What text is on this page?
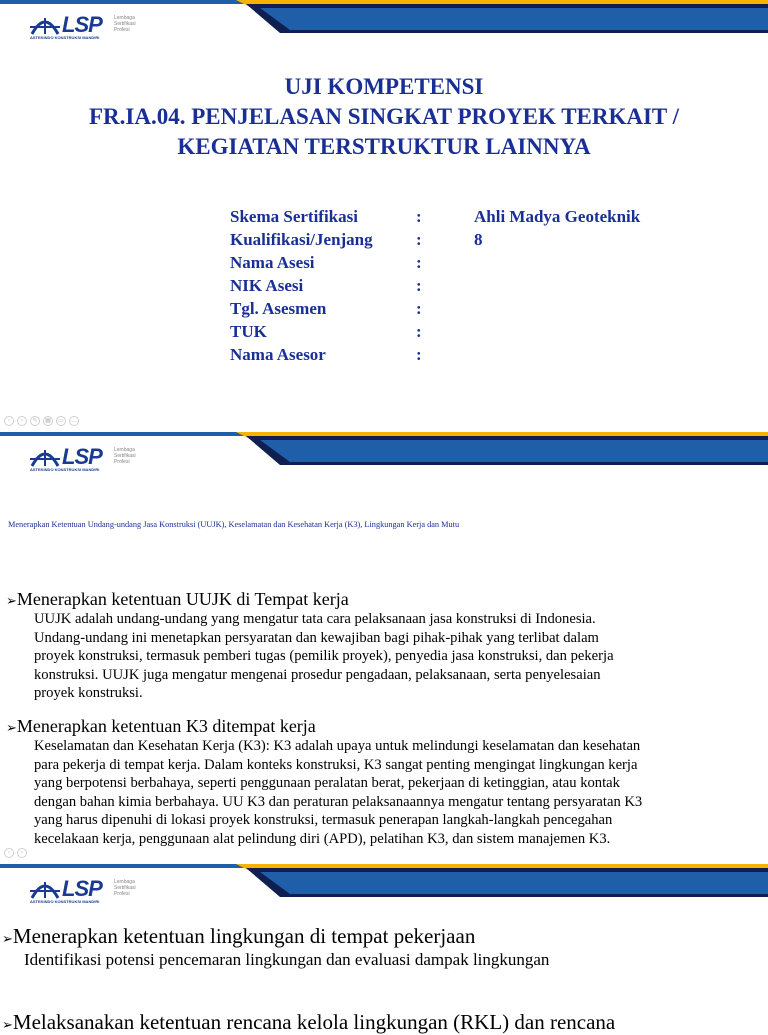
LSP Lembaga
Sertifikasi
Profesi
ASTEKINDO KONSTRUKSI MANDIRI
UJI KOMPETENSI
FR.IA.04. PENJELASAN SINGKAT PROYEK TERKAIT /
KEGIATAN TERSTRUKTUR LAINNYA
Skema Sertifikasi	:	Ahli Madya Geoteknik
Kualifikasi/Jenjang	:	8
Nama Asesi	:
NIK Asesi	:
Tgl. Asesmen	:
TUK	:
Nama Asesor	:
‹	›	✎	▦	▭	…
LSP Lembaga
Sertifikasi
Profesi
ASTEKINDO KONSTRUKSI MANDIRI
Menerapkan Ketentuan Undang-undang Jasa Konstruksi (UUJK), Keselamatan dan Kesehatan Kerja (K3), Lingkungan Kerja dan Mutu
➢Menerapkan ketentuan UUJK di Tempat kerja
UUJK adalah undang-undang yang mengatur tata cara pelaksanaan jasa konstruksi di Indonesia.
Undang-undang ini menetapkan persyaratan dan kewajiban bagi pihak-pihak yang terlibat dalam
proyek konstruksi, termasuk pemberi tugas (pemilik proyek), penyedia jasa konstruksi, dan pekerja
konstruksi. UUJK juga mengatur mengenai prosedur pengadaan, pelaksanaan, serta penyelesaian
proyek konstruksi.
➢Menerapkan ketentuan K3 ditempat kerja
Keselamatan dan Kesehatan Kerja (K3): K3 adalah upaya untuk melindungi keselamatan dan kesehatan
para pekerja di tempat kerja. Dalam konteks konstruksi, K3 sangat penting mengingat lingkungan kerja
yang berpotensi berbahaya, seperti penggunaan peralatan berat, pekerjaan di ketinggian, atau kontak
dengan bahan kimia berbahaya. UU K3 dan peraturan pelaksanaannya mengatur tentang persyaratan K3
yang harus dipenuhi di lokasi proyek konstruksi, termasuk penerapan langkah-langkah pencegahan
kecelakaan kerja, penggunaan alat pelindung diri (APD), pelatihan K3, dan sistem manajemen K3.
‹	›
LSP Lembaga
Sertifikasi
Profesi
ASTEKINDO KONSTRUKSI MANDIRI
➢Menerapkan ketentuan lingkungan di tempat pekerjaan
Identifikasi potensi pencemaran lingkungan dan evaluasi dampak lingkungan
➢Melaksanakan ketentuan rencana kelola lingkungan (RKL) dan rencana
